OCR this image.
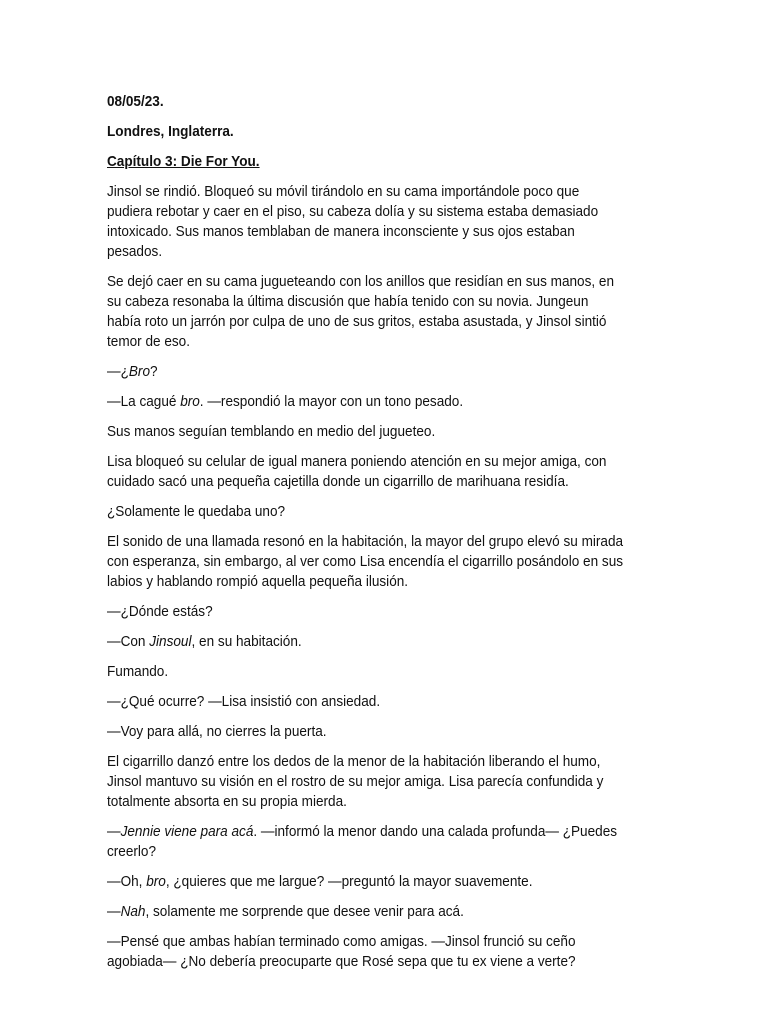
08/05/23.

Londres, Inglaterra.

Capítulo 3: Die For You.

Jinsol se rindió. Bloqueó su móvil tirándolo en su cama importándole poco que pudiera rebotar y caer en el piso, su cabeza dolía y su sistema estaba demasiado intoxicado. Sus manos temblaban de manera inconsciente y sus ojos estaban pesados.

Se dejó caer en su cama jugueteando con los anillos que residían en sus manos, en su cabeza resonaba la última discusión que había tenido con su novia. Jungeun había roto un jarrón por culpa de uno de sus gritos, estaba asustada, y Jinsol sintió temor de eso.

—¿Bro?

—La cagué bro. —respondió la mayor con un tono pesado.

Sus manos seguían temblando en medio del jugueteo.

Lisa bloqueó su celular de igual manera poniendo atención en su mejor amiga, con cuidado sacó una pequeña cajetilla donde un cigarrillo de marihuana residía.

¿Solamente le quedaba uno?

El sonido de una llamada resonó en la habitación, la mayor del grupo elevó su mirada con esperanza, sin embargo, al ver como Lisa encendía el cigarrillo posándolo en sus labios y hablando rompió aquella pequeña ilusión.

—¿Dónde estás?

—Con Jinsoul, en su habitación.

Fumando.

—¿Qué ocurre? —Lisa insistió con ansiedad.

—Voy para allá, no cierres la puerta.

El cigarrillo danzó entre los dedos de la menor de la habitación liberando el humo, Jinsol mantuvo su visión en el rostro de su mejor amiga. Lisa parecía confundida y totalmente absorta en su propia mierda.

—Jennie viene para acá. —informó la menor dando una calada profunda— ¿Puedes creerlo?

—Oh, bro, ¿quieres que me largue? —preguntó la mayor suavemente.

—Nah, solamente me sorprende que desee venir para acá.

—Pensé que ambas habían terminado como amigas. —Jinsol frunció su ceño agobiada— ¿No debería preocuparte que Rosé sepa que tu ex viene a verte?
